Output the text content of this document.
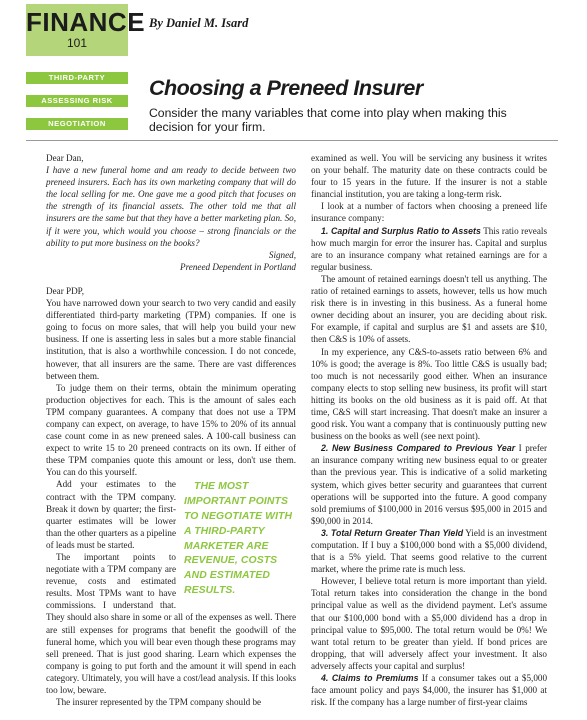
FINANCE
101
By Daniel M. Isard
THIRD-PARTY MARKETERS
ASSESSING RISK
NEGOTIATION
Choosing a Preneed Insurer
Consider the many variables that come into play when making this decision for your firm.

Dear Dan,

I have a new funeral home and am ready to decide between two preneed insurers. Each has its own marketing company that will do the local selling for me. One gave me a good pitch that focuses on the strength of its financial assets. The other told me that all insurers are the same but that they have a better marketing plan. So, if it were you, which would you choose – strong financials or the ability to put more business on the books?

Signed,

Preneed Dependent in Portland

Dear PDP,

You have narrowed down your search to two very candid and easily differentiated third-party marketing (TPM) companies. If one is going to focus on more sales, that will help you build your new business. If one is asserting less in sales but a more stable financial institution, that is also a worthwhile concession. I do not concede, however, that all insurers are the same. There are vast differences between them.

To judge them on their terms, obtain the minimum operating production objectives for each. This is the amount of sales each TPM company guarantees. A company that does not use a TPM company can expect, on average, to have 15% to 20% of its annual case count come in as new preneed sales. A 100-call business can expect to write 15 to 20 preneed contracts on its own. If either of these TPM companies quote this amount or less, don't use them. You can do this yourself.

THE MOST IMPORTANT POINTS TO NEGOTIATE WITH A THIRD-PARTY MARKETER ARE REVENUE, COSTS AND ESTIMATED RESULTS.
Add your estimates to the contract with the TPM company. Break it down by quarter; the first-quarter estimates will be lower than the other quarters as a pipeline of leads must be started.

The important points to negotiate with a TPM company are revenue, costs and estimated results. Most TPMs want to have commissions. I understand that. They should also share in some or all of the expenses as well. There are still expenses for programs that benefit the goodwill of the funeral home, which you will bear even though these programs may sell preneed. That is just good sharing. Learn which expenses the company is going to put forth and the amount it will spend in each category. Ultimately, you will have a cost/lead analysis. If this looks too low, beware.

The insurer represented by the TPM company should be

examined as well. You will be servicing any business it writes on your behalf. The maturity date on these contracts could be four to 15 years in the future. If the insurer is not a stable financial institution, you are taking a long-term risk.

I look at a number of factors when choosing a preneed life insurance company:

1. Capital and Surplus Ratio to Assets This ratio reveals how much margin for error the insurer has. Capital and surplus are to an insurance company what retained earnings are for a regular business.

The amount of retained earnings doesn't tell us anything. The ratio of retained earnings to assets, however, tells us how much risk there is in investing in this business. As a funeral home owner deciding about an insurer, you are deciding about risk. For example, if capital and surplus are $1 and assets are $10, then C&S is 10% of assets.

In my experience, any C&S-to-assets ratio between 6% and 10% is good; the average is 8%. Too little C&S is usually bad; too much is not necessarily good either. When an insurance company elects to stop selling new business, its profit will start hitting its books on the old business as it is paid off. At that time, C&S will start increasing. That doesn't make an insurer a good risk. You want a company that is continuously putting new business on the books as well (see next point).

2. New Business Compared to Previous Year I prefer an insurance company writing new business equal to or greater than the previous year. This is indicative of a solid marketing system, which gives better security and guarantees that current operations will be supported into the future. A good company sold premiums of $100,000 in 2016 versus $95,000 in 2015 and $90,000 in 2014.

3. Total Return Greater Than Yield Yield is an investment computation. If I buy a $100,000 bond with a $5,000 dividend, that is a 5% yield. That seems good relative to the current market, where the prime rate is much less.

However, I believe total return is more important than yield. Total return takes into consideration the change in the bond principal value as well as the dividend payment. Let's assume that our $100,000 bond with a $5,000 dividend has a drop in principal value to $95,000. The total return would be 0%! We want total return to be greater than yield. If bond prices are dropping, that will adversely affect your investment. It also adversely affects your capital and surplus!

4. Claims to Premiums If a consumer takes out a $5,000 face amount policy and pays $4,000, the insurer has $1,000 at risk. If the company has a large number of first-year claims
